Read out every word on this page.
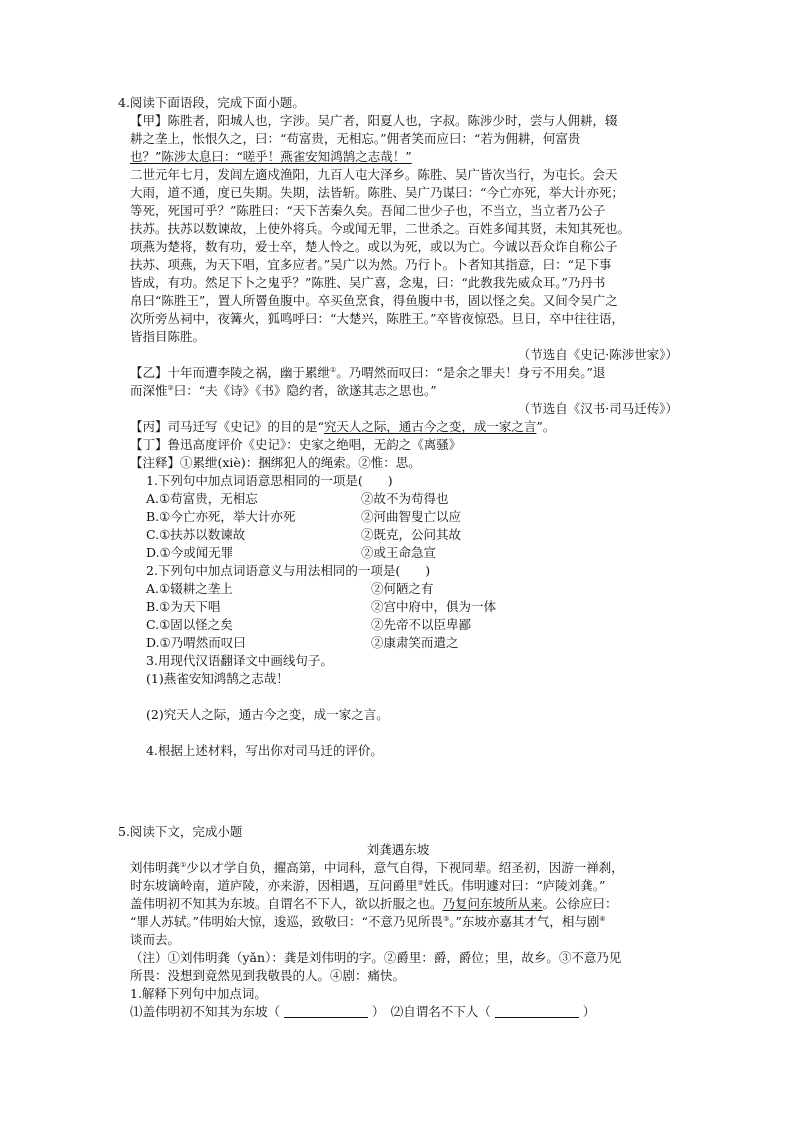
4.阅读下面语段，完成下面小题。
【甲】陈胜者，阳城人也，字涉。吴广者，阳夏人也，字叔。陈涉少时，尝与人佣耕，辍
耕之垄上，怅恨久之，曰：“苟富贵，无相忘。”佣者笑而应曰：“若为佣耕，何富贵
也？”陈涉太息曰：“嗟乎！燕雀安知鸿鹄之志哉！”
二世元年七月，发闾左適戍渔阳，九百人屯大泽乡。陈胜、吴广皆次当行，为屯长。会天
大雨，道不通，度已失期。失期，法皆斩。陈胜、吴广乃谋曰：“今亡亦死，举大计亦死；
等死，死国可乎？”陈胜曰：“天下苦秦久矣。吾闻二世少子也，不当立，当立者乃公子
扶苏。扶苏以数谏故，上使外将兵。今或闻无罪，二世杀之。百姓多闻其贤，未知其死也。
项燕为楚将，数有功，爱士卒，楚人怜之。或以为死，或以为亡。今诚以吾众诈自称公子
扶苏、项燕，为天下唱，宜多应者。”吴广以为然。乃行卜。卜者知其指意，曰：“足下事
皆成，有功。然足下卜之鬼乎？”陈胜、吴广喜，念鬼，曰：“此教我先威众耳。”乃丹书
帛曰“陈胜王”，置人所罾鱼腹中。卒买鱼烹食，得鱼腹中书，固以怪之矣。又间令吴广之
次所旁丛祠中，夜篝火，狐鸣呼曰：“大楚兴，陈胜王。”卒皆夜惊恐。旦日，卒中往往语，
皆指目陈胜。
（节选自《史记·陈涉世家》）
【乙】十年而遭李陵之祸，幽于累绁①。乃喟然而叹曰：“是余之罪夫！身亏不用矣。”退
而深惟②曰：“夫《诗》《书》隐约者，欲遂其志之思也。”
（节选自《汉书·司马迁传》）
【丙】司马迁写《史记》的目的是“究天人之际，通古今之变，成一家之言”。
【丁】鲁迅高度评价《史记》：史家之绝唱，无韵之《离骚》
【注释】①累绁(xiè)：捆绑犯人的绳索。②惟：思。
1.下列句中加点词语意思相同的一项是(　　)
A.①苟富贵，无相忘	②故不为苟得也
B.①今亡亦死，举大计亦死	②河曲智叟亡以应
C.①扶苏以数谏故	②既克，公问其故
D.①今或闻无罪	②或王命急宣
2.下列句中加点词语意义与用法相同的一项是(　　)
A.①辍耕之垄上	②何陋之有
B.①为天下唱	②宫中府中，俱为一体
C.①固以怪之矣	②先帝不以臣卑鄙
D.①乃喟然而叹曰	②康肃笑而遣之
3.用现代汉语翻译文中画线句子。
(1)燕雀安知鸿鹄之志哉！
(2)究天人之际，通古今之变，成一家之言。
4.根据上述材料，写出你对司马迁的评价。
5.阅读下文，完成小题
刘龚遇东坡
刘伟明龚①少以才学自负，擢高第，中词科，意气自得，下视同辈。绍圣初，因游一禅刹，
时东坡谪岭南，道庐陵，亦来游，因相遇，互问爵里②姓氏。伟明遽对曰：“庐陵刘龚。”
盖伟明初不知其为东坡。自谓名不下人，欲以折服之也。乃复问东坡所从来。公徐应曰：
“罪人苏轼。”伟明始大惊，逡巡，致敬曰：“不意乃见所畏③。”东坡亦嘉其才气，相与剧④
谈而去。
（注）①刘伟明龚（yǎn）：龚是刘伟明的字。②爵里：爵，爵位；里，故乡。③不意乃见
所畏：没想到竟然见到我敬畏的人。④剧：痛快。
1.解释下列句中加点词。
⑴盖伟明初不知其为东坡（	）　⑵自谓名不下人（	）
